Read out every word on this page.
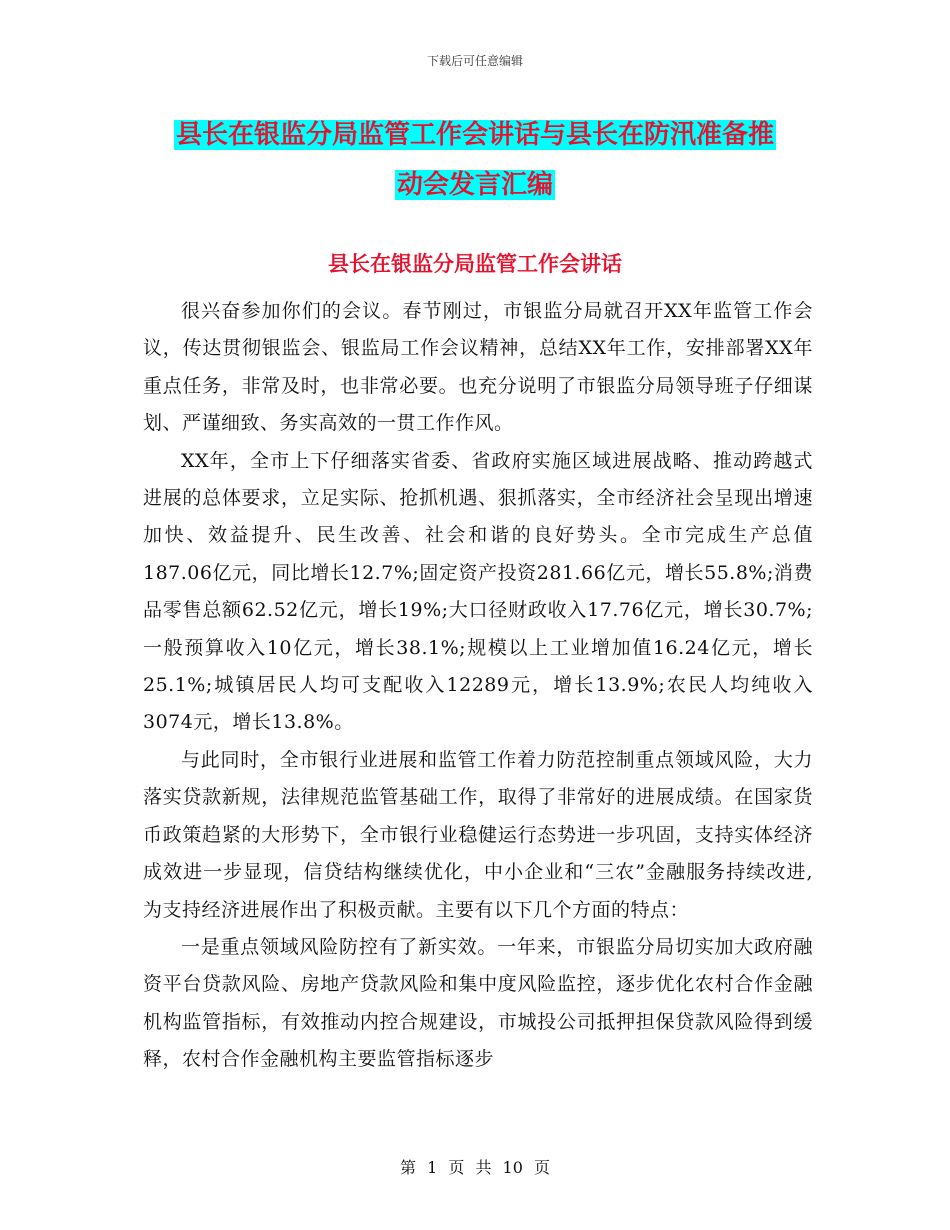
下载后可任意编辑
县长在银监分局监管工作会讲话与县长在防汛准备推
动会发言汇编
县长在银监分局监管工作会讲话

很兴奋参加你们的会议。春节刚过，市银监分局就召开XX年监管工作会议，传达贯彻银监会、银监局工作会议精神，总结XX年工作，安排部署XX年重点任务，非常及时，也非常必要。也充分说明了市银监分局领导班子仔细谋划、严谨细致、务实高效的一贯工作作风。

XX年，全市上下仔细落实省委、省政府实施区域进展战略、推动跨越式进展的总体要求，立足实际、抢抓机遇、狠抓落实，全市经济社会呈现出增速加快、效益提升、民生改善、社会和谐的良好势头。全市完成生产总值187.06亿元，同比增长12.7%;固定资产投资281.66亿元，增长55.8%;消费品零售总额62.52亿元，增长19%;大口径财政收入17.76亿元，增长30.7%;一般预算收入10亿元，增长38.1%;规模以上工业增加值16.24亿元，增长25.1%;城镇居民人均可支配收入12289元，增长13.9%;农民人均纯收入3074元，增长13.8%。

与此同时，全市银行业进展和监管工作着力防范控制重点领域风险，大力落实贷款新规，法律规范监管基础工作，取得了非常好的进展成绩。在国家货币政策趋紧的大形势下，全市银行业稳健运行态势进一步巩固，支持实体经济成效进一步显现，信贷结构继续优化，中小企业和“三农”金融服务持续改进,为支持经济进展作出了积极贡献。主要有以下几个方面的特点：

一是重点领域风险防控有了新实效。一年来，市银监分局切实加大政府融资平台贷款风险、房地产贷款风险和集中度风险监控，逐步优化农村合作金融机构监管指标，有效推动内控合规建设，市城投公司抵押担保贷款风险得到缓释，农村合作金融机构主要监管指标逐步

第 1 页 共 10 页
